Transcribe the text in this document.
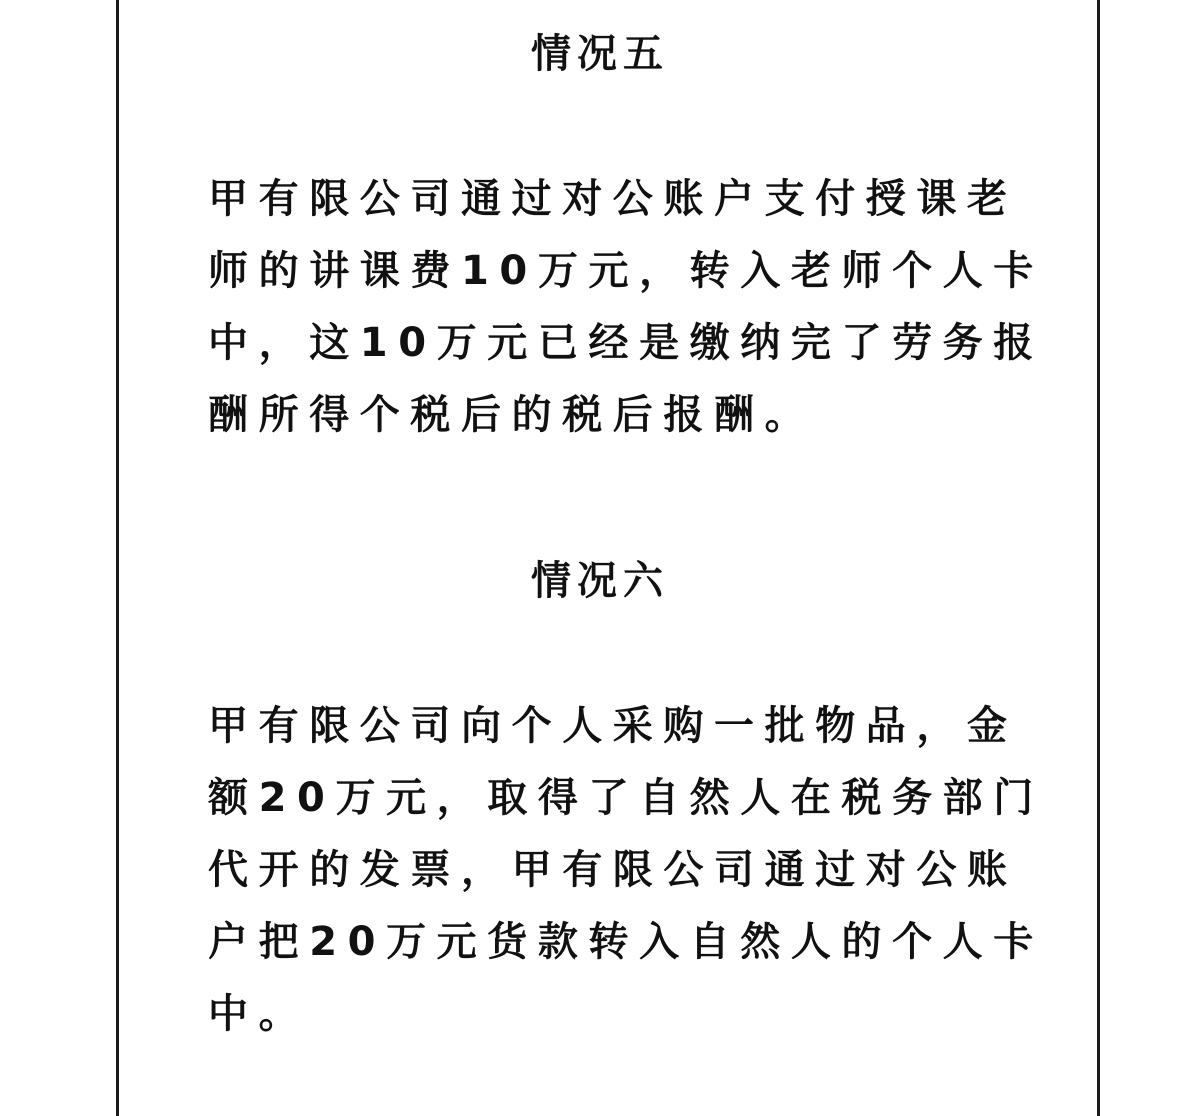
情况五
甲有限公司通过对公账户支付授课老
师的讲课费10万元，转入老师个人卡
中，这10万元已经是缴纳完了劳务报
酬所得个税后的税后报酬。
情况六
甲有限公司向个人采购一批物品，金
额20万元，取得了自然人在税务部门
代开的发票，甲有限公司通过对公账
户把20万元货款转入自然人的个人卡
中。
